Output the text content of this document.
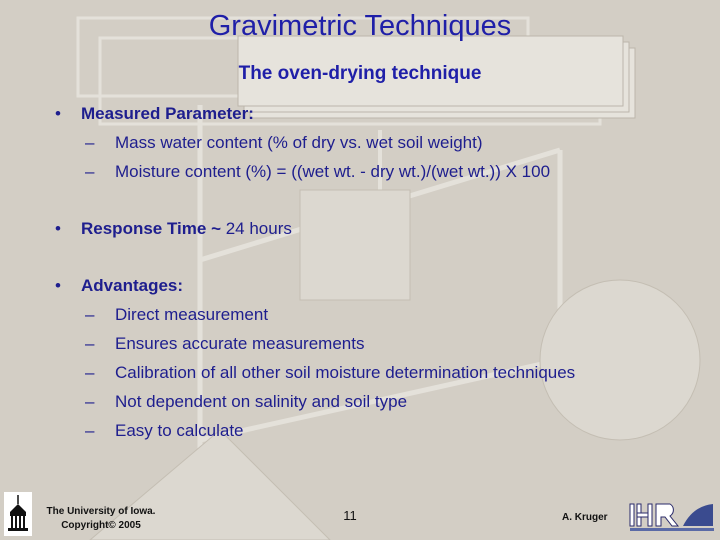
Gravimetric Techniques
The oven-drying technique
•	Measured Parameter:
– Mass water content (% of dry vs. wet soil weight)
– Moisture content (%) = ((wet wt. - dry wt.)/(wet wt.)) X 100
•	Response Time ~ 24 hours
•	Advantages:
– Direct measurement
– Ensures accurate measurements
– Calibration of all other soil moisture determination techniques
– Not dependent on salinity and soil type
– Easy to calculate
The University of Iowa.
Copyright© 2005
11	A. Kruger
